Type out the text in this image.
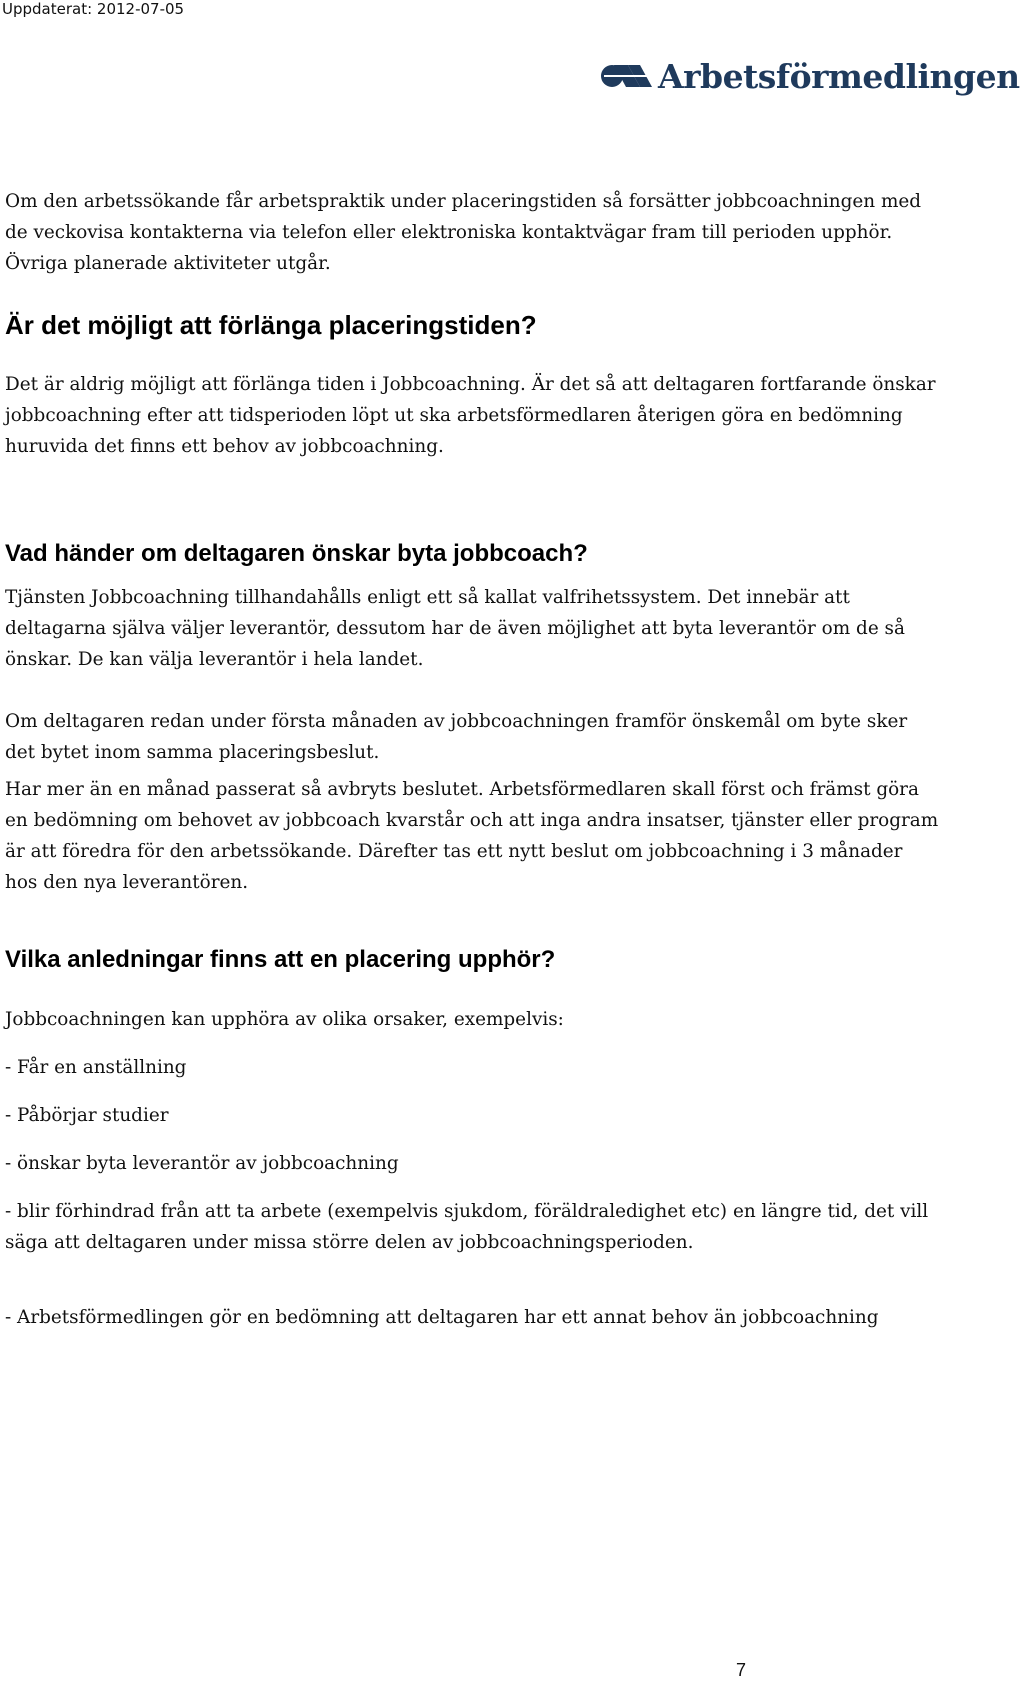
Uppdaterat: 2012-07-05
Arbetsförmedlingen

Om den arbetssökande får arbetspraktik under placeringstiden så forsätter jobbcoachningen med de veckovisa kontakterna via telefon eller elektroniska kontaktvägar fram till perioden upphör. Övriga planerade aktiviteter utgår.

Är det möjligt att förlänga placeringstiden?

Det är aldrig möjligt att förlänga tiden i Jobbcoachning. Är det så att deltagaren fortfarande önskar jobbcoachning efter att tidsperioden löpt ut ska arbetsförmedlaren återigen göra en bedömning huruvida det finns ett behov av jobbcoachning.

Vad händer om deltagaren önskar byta jobbcoach?

Tjänsten Jobbcoachning tillhandahålls enligt ett så kallat valfrihetssystem. Det innebär att deltagarna själva väljer leverantör, dessutom har de även möjlighet att byta leverantör om de så önskar. De kan välja leverantör i hela landet.

Om deltagaren redan under första månaden av jobbcoachningen framför önskemål om byte sker det bytet inom samma placeringsbeslut.

Har mer än en månad passerat så avbryts beslutet. Arbetsförmedlaren skall först och främst göra en bedömning om behovet av jobbcoach kvarstår och att inga andra insatser, tjänster eller program är att föredra för den arbetssökande. Därefter tas ett nytt beslut om jobbcoachning i 3 månader hos den nya leverantören.

Vilka anledningar finns att en placering upphör?

Jobbcoachningen kan upphöra av olika orsaker, exempelvis:

- Får en anställning

- Påbörjar studier

- önskar byta leverantör av jobbcoachning

- blir förhindrad från att ta arbete (exempelvis sjukdom, föräldraledighet etc) en längre tid, det vill säga att deltagaren under missa större delen av jobbcoachningsperioden.

- Arbetsförmedlingen gör en bedömning att deltagaren har ett annat behov än jobbcoachning

7
